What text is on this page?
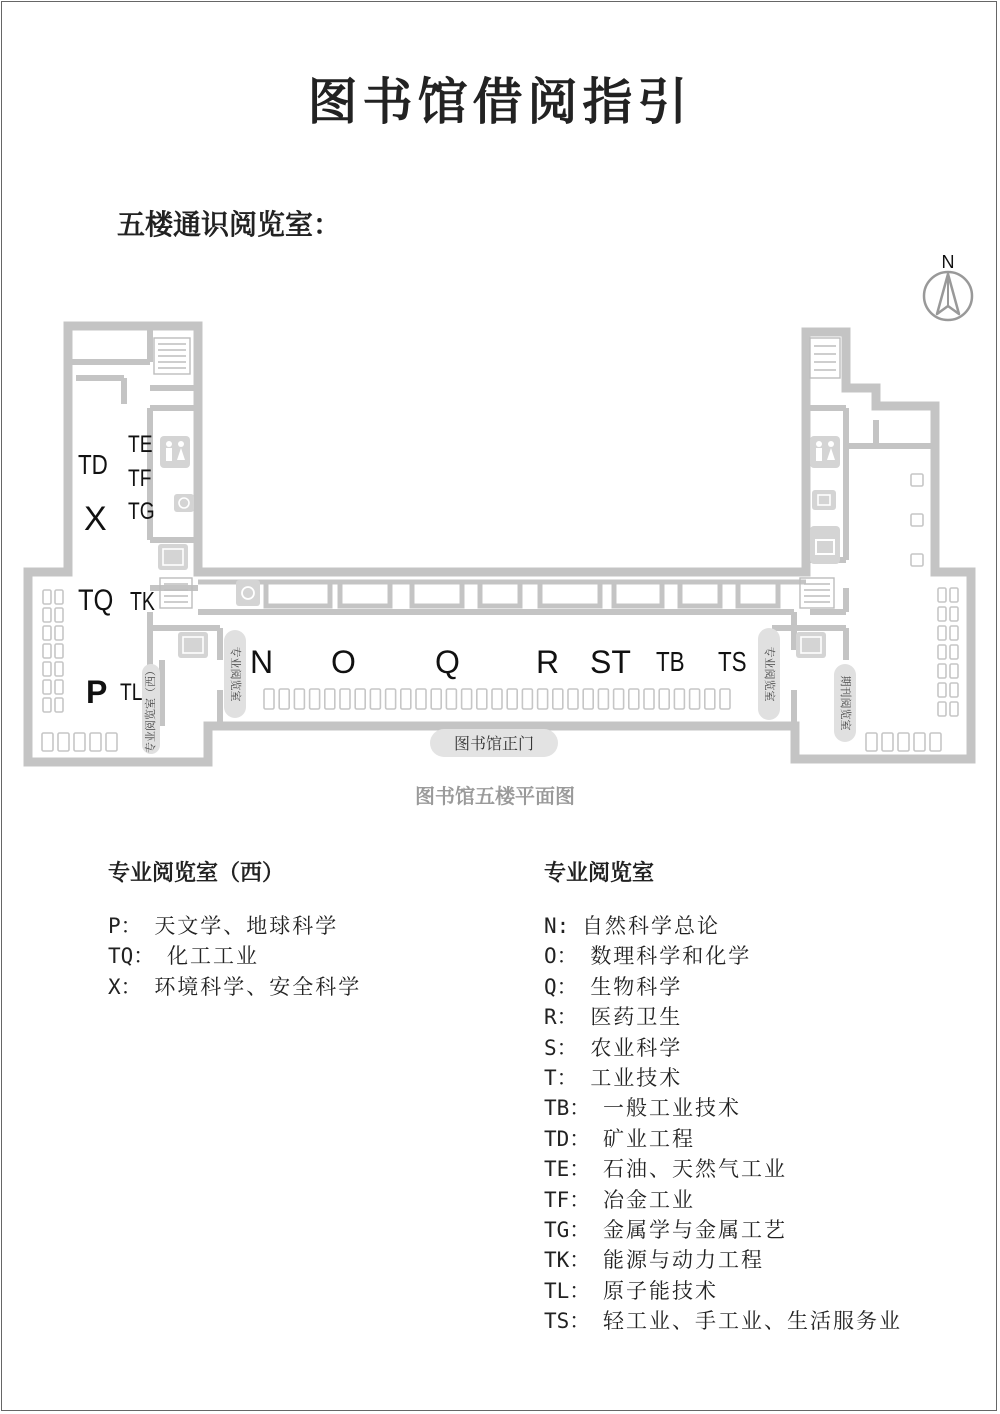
图书馆借阅指引
五楼通识阅览室：
N
专业阅览室（西）	专业阅览室	专业阅览室
期刊阅览室
图书馆正门
TD
X
TE
TF
TG
TQ TK
P TL
N O Q R ST TB TS
图书馆五楼平面图
专业阅览室（西）
P： 天文学、地球科学
TQ： 化工工业
X： 环境科学、安全科学
专业阅览室
N: 自然科学总论
O： 数理科学和化学
Q： 生物科学
R： 医药卫生
S： 农业科学
T： 工业技术
TB： 一般工业技术
TD： 矿业工程
TE： 石油、天然气工业
TF： 冶金工业
TG： 金属学与金属工艺
TK： 能源与动力工程
TL： 原子能技术
TS： 轻工业、手工业、生活服务业
